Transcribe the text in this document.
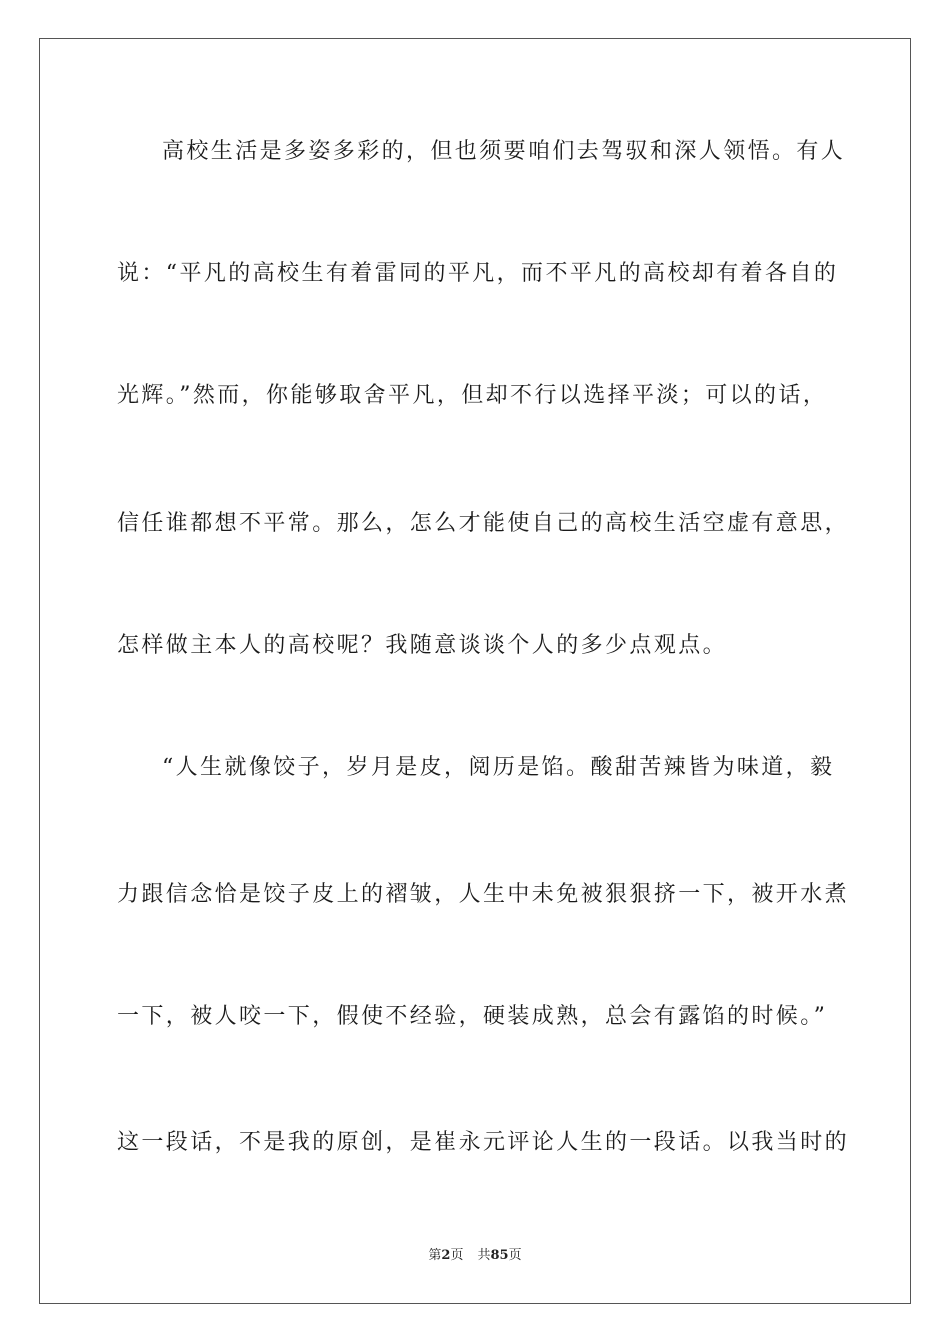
高校生活是多姿多彩的，但也须要咱们去驾驭和深人领悟。有人
说：“平凡的高校生有着雷同的平凡，而不平凡的高校却有着各自的
光辉。”然而，你能够取舍平凡，但却不行以选择平淡；可以的话，
信任谁都想不平常。那么，怎么才能使自己的高校生活空虚有意思，
怎样做主本人的高校呢？我随意谈谈个人的多少点观点。
“人生就像饺子，岁月是皮，阅历是馅。酸甜苦辣皆为味道，毅
力跟信念恰是饺子皮上的褶皱，人生中未免被狠狠挤一下，被开水煮
一下，被人咬一下，假使不经验，硬装成熟，总会有露馅的时候。”
这一段话，不是我的原创，是崔永元评论人生的一段话。以我当时的
第2页 共85页
